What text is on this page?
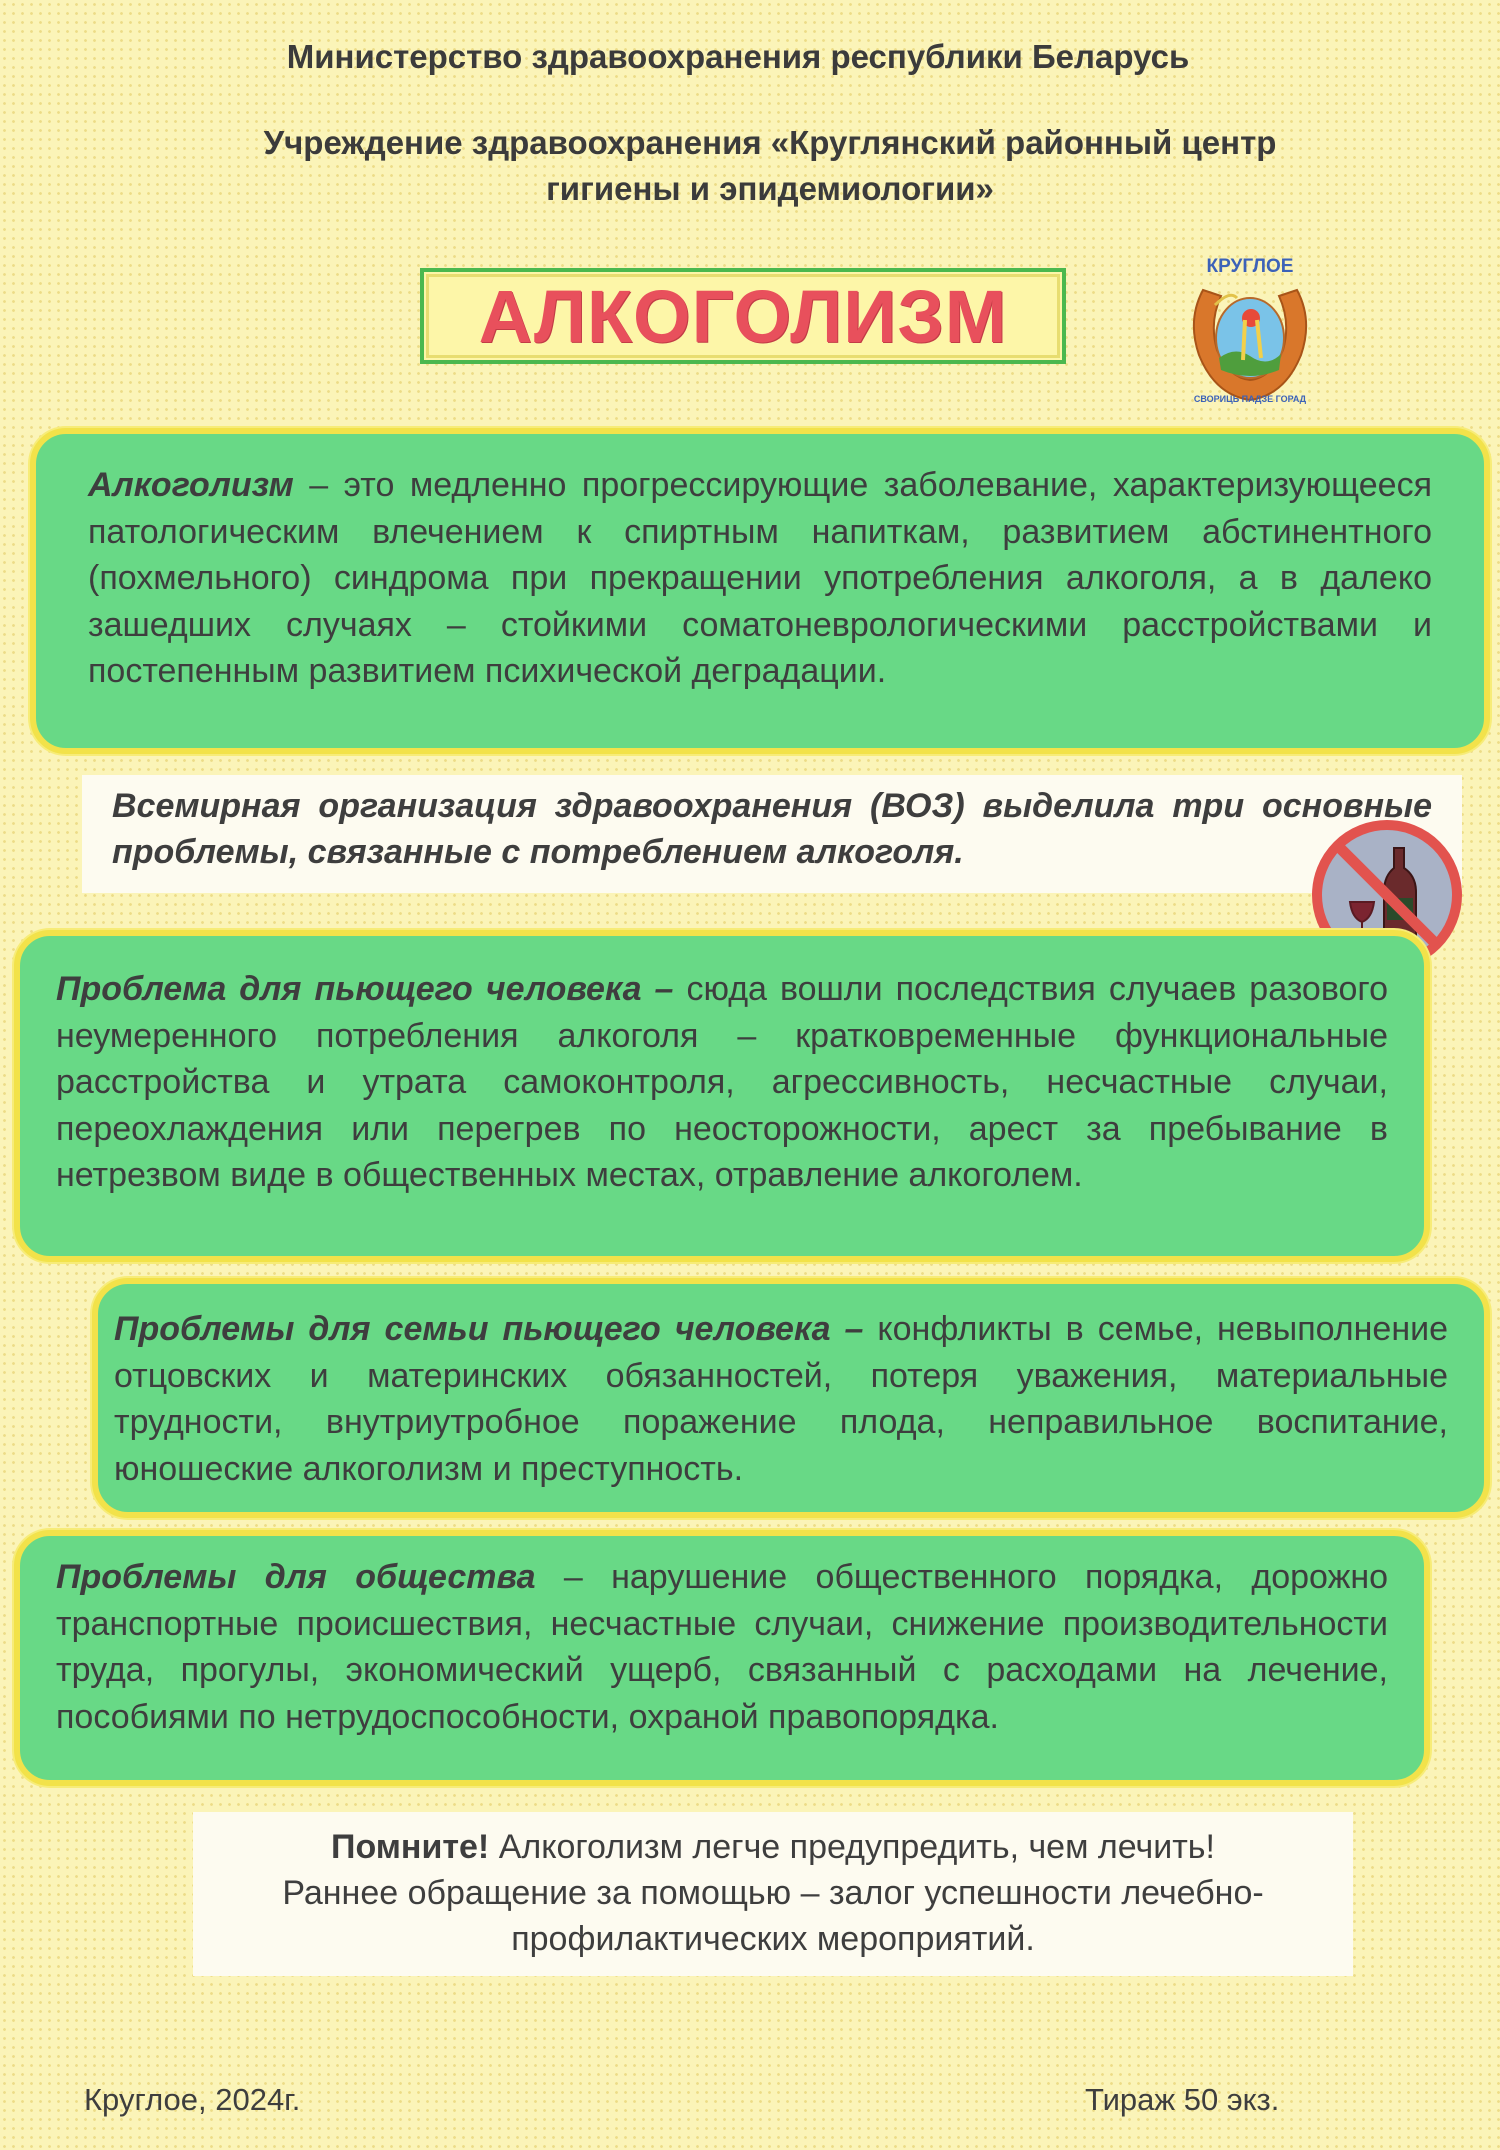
Министерство здравоохранения республики Беларусь
Учреждение здравоохранения «Круглянский районный центр
гигиены и эпидемиологии»
АЛКОГОЛИЗМ
КРУГЛОЕ
СВОРИЦЬ ПАДЗЕ ГОРАД
Алкоголизм – это медленно прогрессирующие заболевание, характеризующееся патологическим влечением к спиртным напиткам, развитием абстинентного (похмельного) синдрома при прекращении употребления алкоголя, а в далеко зашедших случаях – стойкими соматоневрологическими расстройствами и постепенным развитием психической деградации.
Всемирная организация здравоохранения (ВОЗ) выделила три основные проблемы, связанные с потреблением алкоголя.
Проблема для пьющего человека – сюда вошли последствия случаев разового неумеренного потребления алкоголя – кратковременные функциональные расстройства и утрата самоконтроля, агрессивность, несчастные случаи, переохлаждения или перегрев по неосторожности, арест за пребывание в нетрезвом виде в общественных местах, отравление алкоголем.
Проблемы для семьи пьющего человека – конфликты в семье, невыполнение отцовских и материнских обязанностей, потеря уважения, материальные трудности, внутриутробное поражение плода, неправильное воспитание, юношеские алкоголизм и преступность.
Проблемы для общества – нарушение общественного порядка, дорожно транспортные происшествия, несчастные случаи, снижение производительности труда, прогулы, экономический ущерб, связанный с расходами на лечение, пособиями по нетрудоспособности, охраной правопорядка.
Помните! Алкоголизм легче предупредить, чем лечить!
Раннее обращение за помощью – залог успешности лечебно-
профилактических мероприятий.
Круглое, 2024г.	Тираж 50 экз.
